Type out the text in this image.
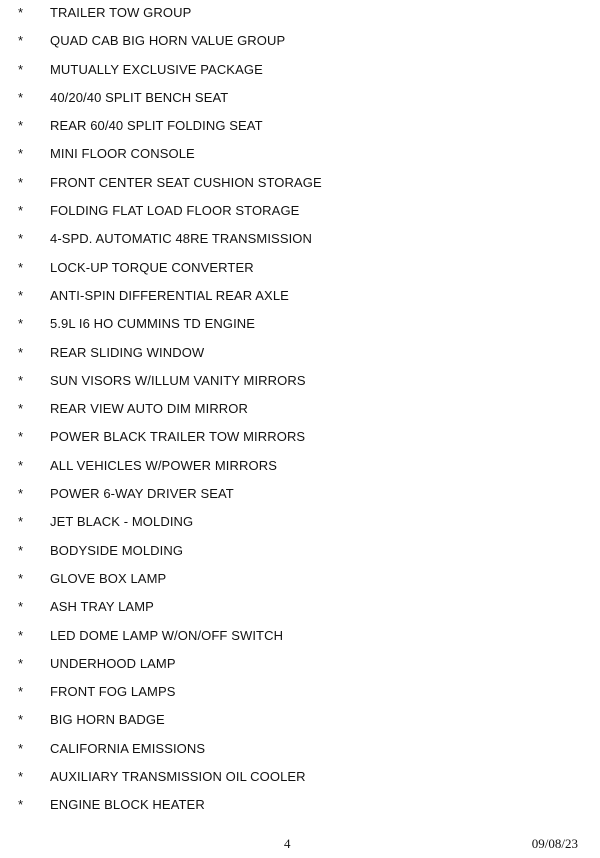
* TRAILER TOW GROUP
* QUAD CAB BIG HORN VALUE GROUP
* MUTUALLY EXCLUSIVE PACKAGE
* 40/20/40 SPLIT BENCH SEAT
* REAR 60/40 SPLIT FOLDING SEAT
* MINI FLOOR CONSOLE
* FRONT CENTER SEAT CUSHION STORAGE
* FOLDING FLAT LOAD FLOOR STORAGE
* 4-SPD. AUTOMATIC 48RE TRANSMISSION
* LOCK-UP TORQUE CONVERTER
* ANTI-SPIN DIFFERENTIAL REAR AXLE
* 5.9L I6 HO CUMMINS TD ENGINE
* REAR SLIDING WINDOW
* SUN VISORS W/ILLUM VANITY MIRRORS
* REAR VIEW AUTO DIM MIRROR
* POWER BLACK TRAILER TOW MIRRORS
* ALL VEHICLES W/POWER MIRRORS
* POWER 6-WAY DRIVER SEAT
* JET BLACK - MOLDING
* BODYSIDE MOLDING
* GLOVE BOX LAMP
* ASH TRAY LAMP
* LED DOME LAMP W/ON/OFF SWITCH
* UNDERHOOD LAMP
* FRONT FOG LAMPS
* BIG HORN BADGE
* CALIFORNIA EMISSIONS
* AUXILIARY TRANSMISSION OIL COOLER
* ENGINE BLOCK HEATER
4	09/08/23
